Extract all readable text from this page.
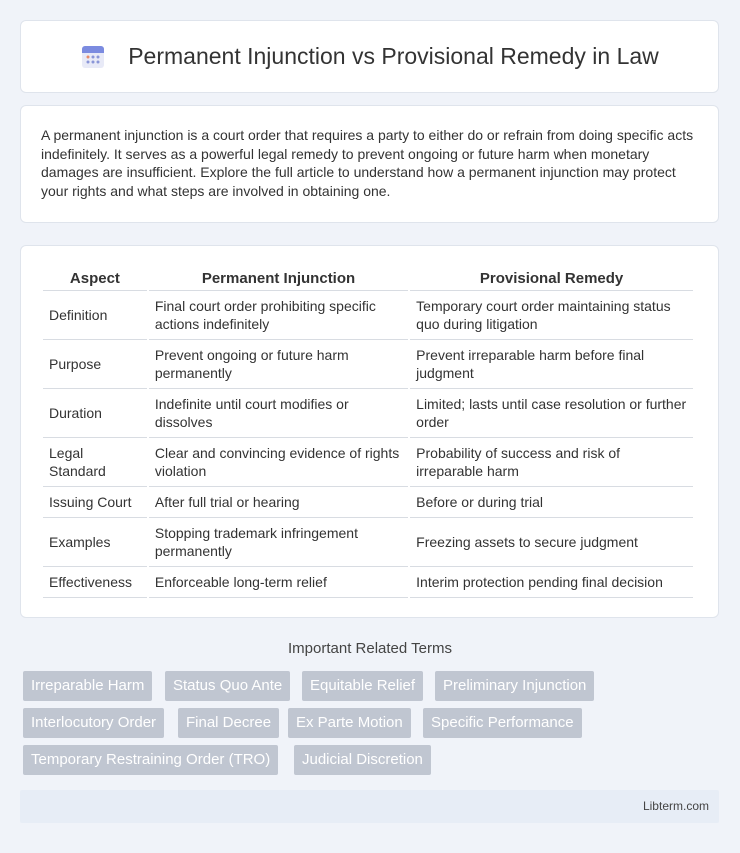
Permanent Injunction vs Provisional Remedy in Law

A permanent injunction is a court order that requires a party to either do or refrain from doing specific acts indefinitely. It serves as a powerful legal remedy to prevent ongoing or future harm when monetary damages are insufficient. Explore the full article to understand how a permanent injunction may protect your rights and what steps are involved in obtaining one.

Aspect	Permanent Injunction	Provisional Remedy
Definition	Final court order prohibiting specific actions indefinitely	Temporary court order maintaining status quo during litigation
Purpose	Prevent ongoing or future harm permanently	Prevent irreparable harm before final judgment
Duration	Indefinite until court modifies or dissolves	Limited; lasts until case resolution or further order
Legal Standard	Clear and convincing evidence of rights violation	Probability of success and risk of irreparable harm
Issuing Court	After full trial or hearing	Before or during trial
Examples	Stopping trademark infringement permanently	Freezing assets to secure judgment
Effectiveness	Enforceable long-term relief	Interim protection pending final decision
Important Related Terms
Irreparable Harm	Status Quo Ante	Equitable Relief	Preliminary Injunction
Interlocutory Order	Final Decree	Ex Parte Motion	Specific Performance
Temporary Restraining Order (TRO)	Judicial Discretion
Libterm.com
